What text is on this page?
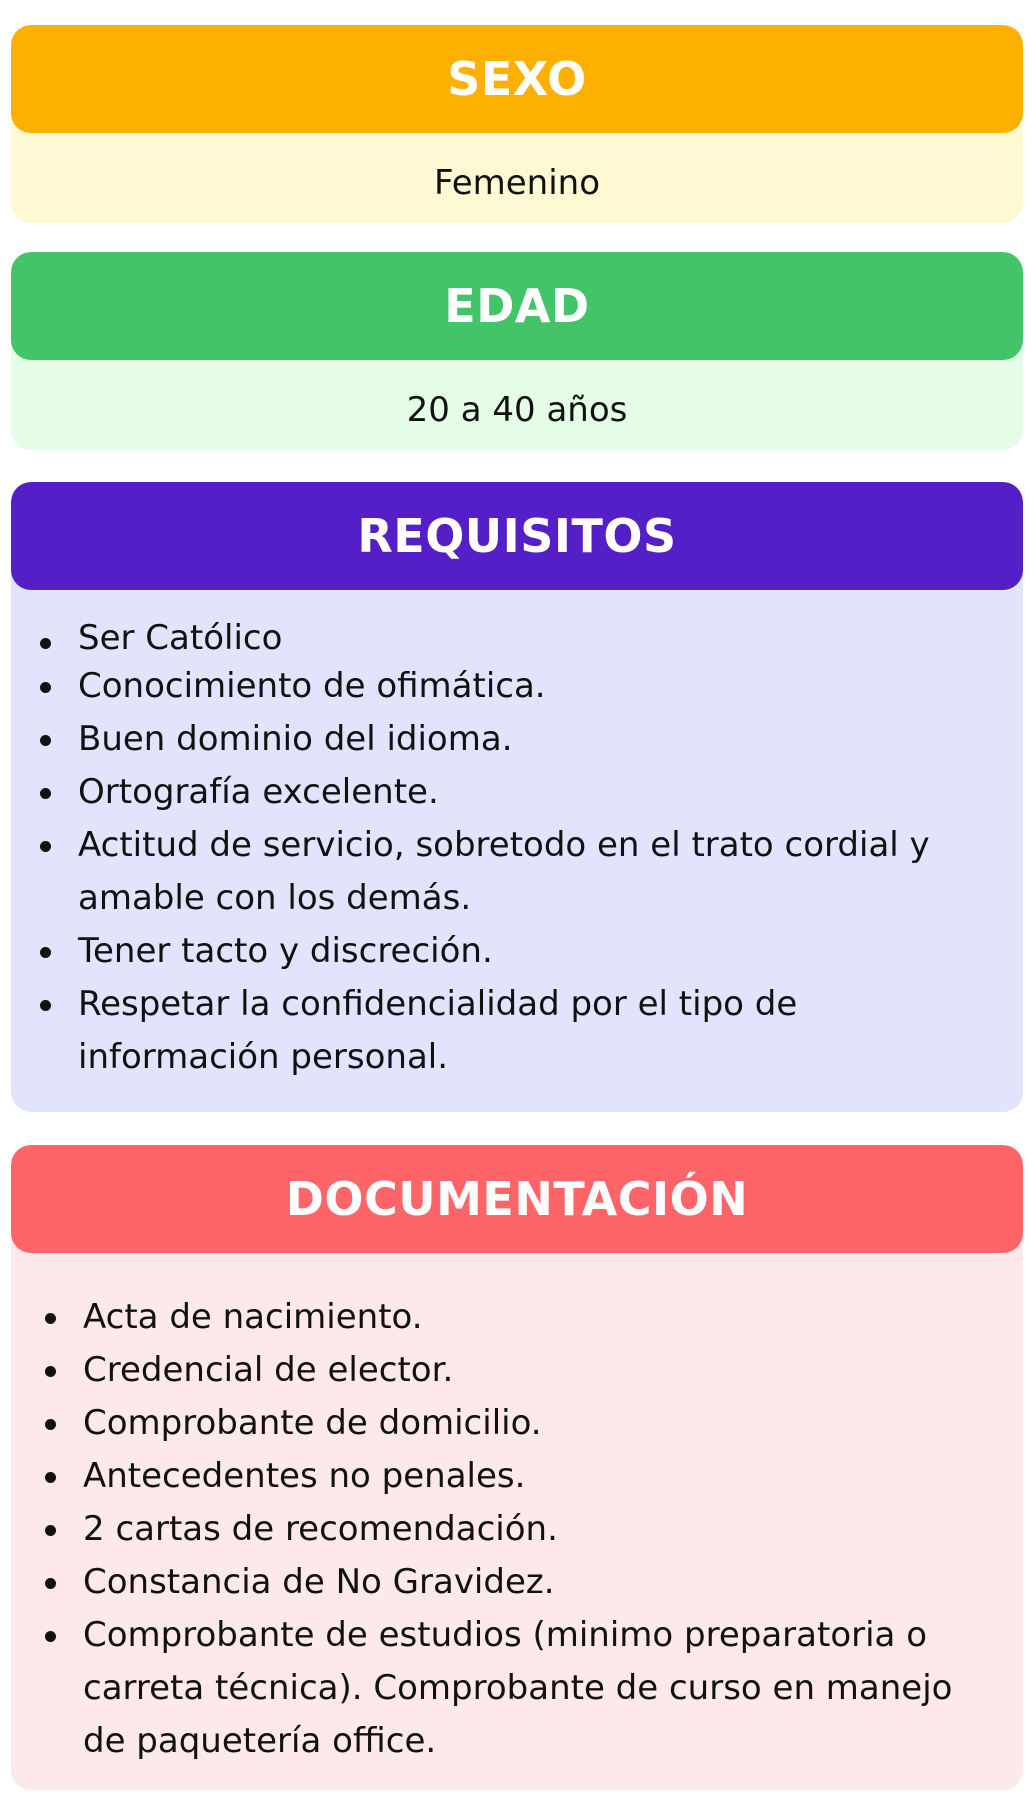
SEXO
Femenino
EDAD
20 a 40 años
REQUISITOS
Ser Católico
Conocimiento de ofimática.
Buen dominio del idioma.
Ortografía excelente.
Actitud de servicio, sobretodo en el trato cordial y amable con los demás.
Tener tacto y discreción.
Respetar la confidencialidad por el tipo de información personal.
DOCUMENTACIÓN
Acta de nacimiento.
Credencial de elector.
Comprobante de domicilio.
Antecedentes no penales.
2 cartas de recomendación.
Constancia de No Gravidez.
Comprobante de estudios (minimo preparatoria o carreta técnica). Comprobante de curso en manejo de paquetería office.
